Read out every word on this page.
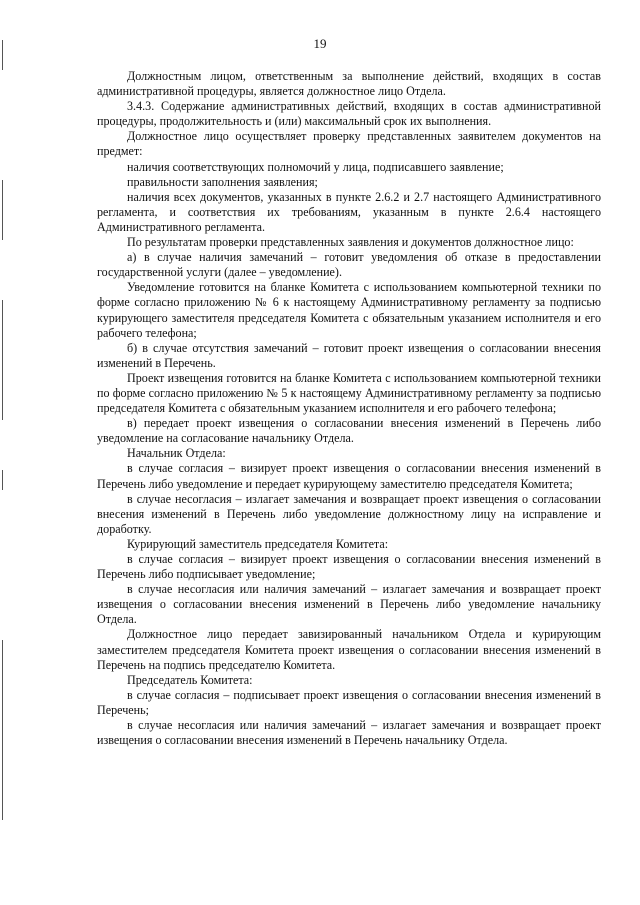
19

Должностным лицом, ответственным за выполнение действий, входящих в состав административной процедуры, является должностное лицо Отдела.

3.4.3. Содержание административных действий, входящих в состав административной процедуры, продолжительность и (или) максимальный срок их выполнения.

Должностное лицо осуществляет проверку представленных заявителем документов на предмет:

наличия соответствующих полномочий у лица, подписавшего заявление;

правильности заполнения заявления;

наличия всех документов, указанных в пункте 2.6.2 и 2.7 настоящего Административного регламента, и соответствия их требованиям, указанным в пункте 2.6.4 настоящего Административного регламента.

По результатам проверки представленных заявления и документов должностное лицо:

а) в случае наличия замечаний – готовит уведомления об отказе в предоставлении государственной услуги (далее – уведомление).

Уведомление готовится на бланке Комитета с использованием компьютерной техники по форме согласно приложению № 6 к настоящему Административному регламенту за подписью курирующего заместителя председателя Комитета с обязательным указанием исполнителя и его рабочего телефона;

б) в случае отсутствия замечаний – готовит проект извещения о согласовании внесения изменений в Перечень.

Проект извещения готовится на бланке Комитета с использованием компьютерной техники по форме согласно приложению № 5 к настоящему Административному регламенту за подписью председателя Комитета с обязательным указанием исполнителя и его рабочего телефона;

в) передает проект извещения о согласовании внесения изменений в Перечень либо уведомление на согласование начальнику Отдела.

Начальник Отдела:

в случае согласия – визирует проект извещения о согласовании внесения изменений в Перечень либо уведомление и передает курирующему заместителю председателя Комитета;

в случае несогласия – излагает замечания и возвращает проект извещения о согласовании внесения изменений в Перечень либо уведомление должностному лицу на исправление и доработку.

Курирующий заместитель председателя Комитета:

в случае согласия – визирует проект извещения о согласовании внесения изменений в Перечень либо подписывает уведомление;

в случае несогласия или наличия замечаний – излагает замечания и возвращает проект извещения о согласовании внесения изменений в Перечень либо уведомление начальнику Отдела.

Должностное лицо передает завизированный начальником Отдела и курирующим заместителем председателя Комитета проект извещения о согласовании внесения изменений в Перечень на подпись председателю Комитета.

Председатель Комитета:

в случае согласия – подписывает проект извещения о согласовании внесения изменений в Перечень;

в случае несогласия или наличия замечаний – излагает замечания и возвращает проект извещения о согласовании внесения изменений в Перечень начальнику Отдела.
